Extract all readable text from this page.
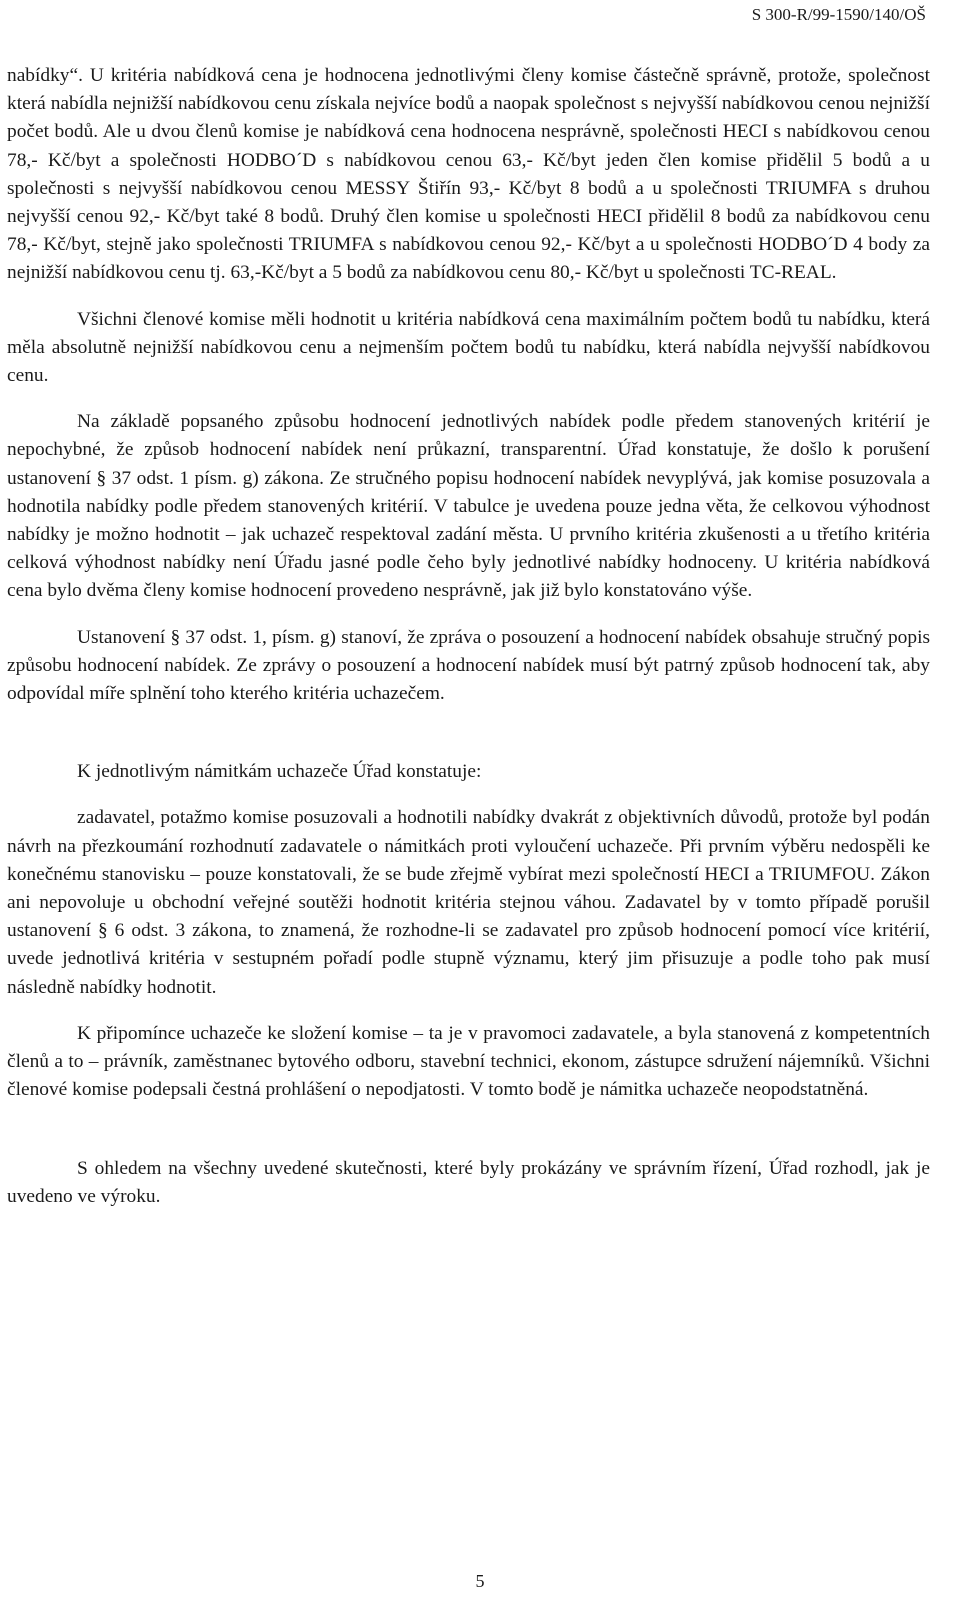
S 300-R/99-1590/140/OŠ

nabídky“. U kritéria nabídková cena je hodnocena jednotlivými členy komise částečně správně, protože, společnost která nabídla nejnižší nabídkovou cenu získala nejvíce bodů a naopak společnost s nejvyšší nabídkovou cenou nejnižší počet bodů. Ale u dvou členů komise je nabídková cena hodnocena nesprávně, společnosti HECI s nabídkovou cenou 78,- Kč/byt a společnosti HODBO´D s nabídkovou cenou 63,- Kč/byt jeden člen komise přidělil 5 bodů a u společnosti s nejvyšší nabídkovou cenou MESSY Štiřín 93,- Kč/byt 8 bodů a u společnosti TRIUMFA s druhou nejvyšší cenou 92,- Kč/byt také 8 bodů. Druhý člen komise u společnosti HECI přidělil 8 bodů za nabídkovou cenu 78,- Kč/byt, stejně jako společnosti TRIUMFA s nabídkovou cenou 92,- Kč/byt a u společnosti HODBO´D 4 body za nejnižší nabídkovou cenu tj. 63,-Kč/byt a 5 bodů za nabídkovou cenu 80,- Kč/byt u společnosti TC-REAL.

Všichni členové komise měli hodnotit u kritéria nabídková cena maximálním počtem bodů tu nabídku, která měla absolutně nejnižší nabídkovou cenu a nejmenším počtem bodů tu nabídku, která nabídla nejvyšší nabídkovou cenu.

Na základě popsaného způsobu hodnocení jednotlivých nabídek podle předem stanovených kritérií je nepochybné, že způsob hodnocení nabídek není průkazní, transparentní. Úřad konstatuje, že došlo k porušení ustanovení § 37 odst. 1 písm. g) zákona. Ze stručného popisu hodnocení nabídek nevyplývá, jak komise posuzovala a hodnotila nabídky podle předem stanovených kritérií. V tabulce je uvedena pouze jedna věta, že celkovou výhodnost nabídky je možno hodnotit – jak uchazeč respektoval zadání města. U prvního kritéria zkušenosti a u třetího kritéria celková výhodnost nabídky není Úřadu jasné podle čeho byly jednotlivé nabídky hodnoceny. U kritéria nabídková cena bylo dvěma členy komise hodnocení provedeno nesprávně, jak již bylo konstatováno výše.

Ustanovení § 37 odst. 1, písm. g) stanoví, že zpráva o posouzení a hodnocení nabídek obsahuje stručný popis způsobu hodnocení nabídek. Ze zprávy o posouzení a hodnocení nabídek musí být patrný způsob hodnocení tak, aby odpovídal míře splnění toho kterého kritéria uchazečem.

K jednotlivým námitkám uchazeče Úřad konstatuje:

zadavatel, potažmo komise posuzovali a hodnotili nabídky dvakrát z objektivních důvodů, protože byl podán návrh na přezkoumání rozhodnutí zadavatele o námitkách proti vyloučení uchazeče. Při prvním výběru nedospěli ke konečnému stanovisku – pouze konstatovali, že se bude zřejmě vybírat mezi společností HECI a TRIUMFOU. Zákon ani nepovoluje u obchodní veřejné soutěži hodnotit kritéria stejnou váhou. Zadavatel by v tomto případě porušil ustanovení § 6 odst. 3 zákona, to znamená, že rozhodne-li se zadavatel pro způsob hodnocení pomocí více kritérií, uvede jednotlivá kritéria v sestupném pořadí podle stupně významu, který jim přisuzuje a podle toho pak musí následně nabídky hodnotit.

K připomínce uchazeče ke složení komise – ta je v pravomoci zadavatele, a byla stanovená z kompetentních členů a to – právník, zaměstnanec bytového odboru, stavební technici, ekonom, zástupce sdružení nájemníků. Všichni členové komise podepsali čestná prohlášení o nepodjatosti. V tomto bodě je námitka uchazeče neopodstatněná.

S ohledem na všechny uvedené skutečnosti, které byly prokázány ve správním řízení, Úřad rozhodl, jak je uvedeno ve výroku.

5
